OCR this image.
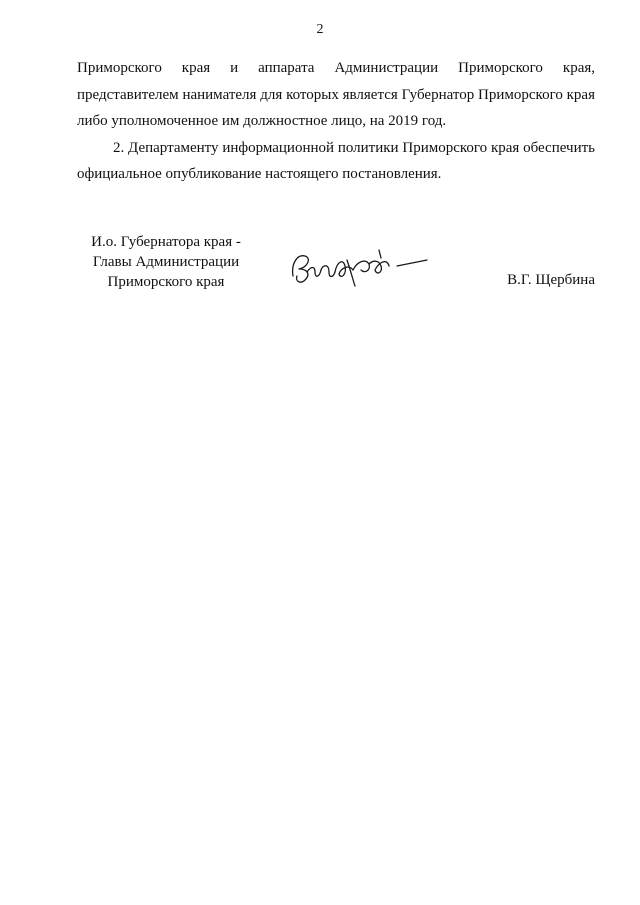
2

Приморского края и аппарата Администрации Приморского края, представителем нанимателя для которых является Губернатор Приморского края либо уполномоченное им должностное лицо, на 2019 год.

2. Департаменту информационной политики Приморского края обеспечить официальное опубликование настоящего постановления.

И.о. Губернатора края -
Главы Администрации
Приморского края	В.Г. Щербина
